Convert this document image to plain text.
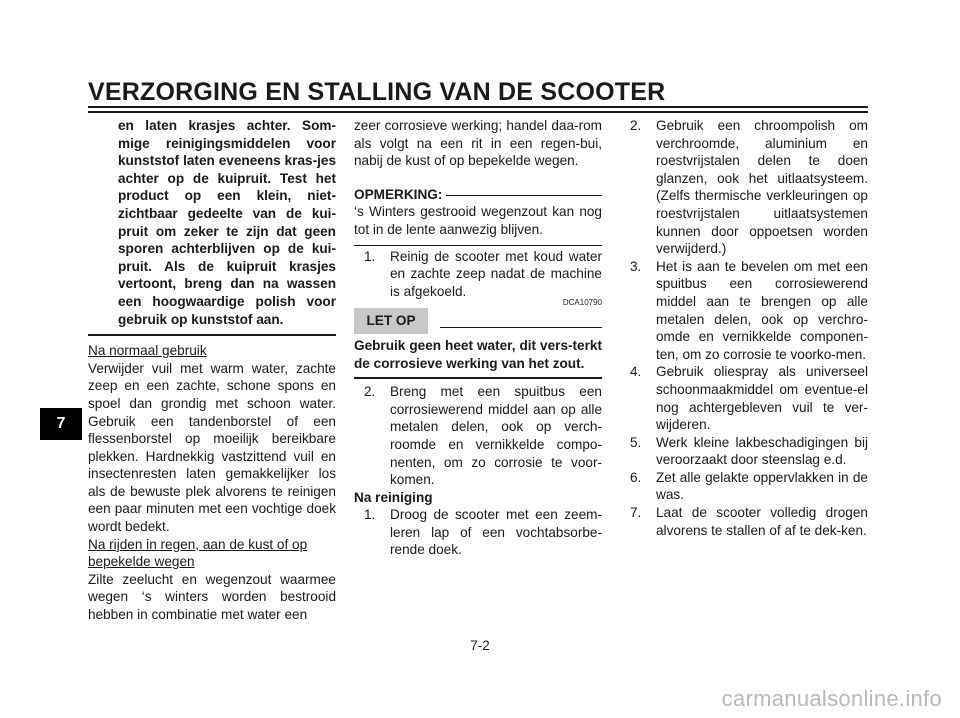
VERZORGING EN STALLING VAN DE SCOOTER
7

en laten krasjes achter. Som-mige reinigingsmiddelen voor kunststof laten eveneens kras-jes achter op de kuipruit. Test het product op een klein, niet-zichtbaar gedeelte van de kui-pruit om zeker te zijn dat geen sporen achterblijven op de kui-pruit. Als de kuipruit krasjes vertoont, breng dan na wassen een hoogwaardige polish voor gebruik op kunststof aan.

Na normaal gebruik

Verwijder vuil met warm water, zachte zeep en een zachte, schone spons en spoel dan grondig met schoon water. Gebruik een tandenborstel of een flessenborstel op moeilijk bereikbare plekken. Hardnekkig vastzittend vuil en insectenresten laten gemakkelijker los als de bewuste plek alvorens te reinigen een paar minuten met een vochtige doek wordt bedekt.

Na rijden in regen, aan de kust of op bepekelde wegen

Zilte zeelucht en wegenzout waarmee wegen ‘s winters worden bestrooid hebben in combinatie met water een

zeer corrosieve werking; handel daa-rom als volgt na een rit in een regen-bui, nabij de kust of op bepekelde wegen.

OPMERKING:

‘s Winters gestrooid wegenzout kan nog tot in de lente aanwezig blijven.

1. Reinig de scooter met koud water en zachte zeep nadat de machine is afgekoeld.
DCA10790
LET OP

Gebruik geen heet water, dit vers-terkt de corrosieve werking van het zout.

2. Breng met een spuitbus een corrosiewerend middel aan op alle metalen delen, ook op verch-roomde en vernikkelde compo-nenten, om zo corrosie te voor-komen.

Na reiniging

1. Droog de scooter met een zeem-leren lap of een vochtabsorbe-rende doek.
2. Gebruik een chroompolish om verchroomde, aluminium en roestvrijstalen delen te doen glanzen, ook het uitlaatsysteem. (Zelfs thermische verkleuringen op roestvrijstalen uitlaatsystemen kunnen door oppoetsen worden verwijderd.)
3. Het is aan te bevelen om met een spuitbus een corrosiewerend middel aan te brengen op alle metalen delen, ook op verchro-omde en vernikkelde componen-ten, om zo corrosie te voorko-men.
4. Gebruik oliespray als universeel schoonmaakmiddel om eventue-el nog achtergebleven vuil te ver-wijderen.
5. Werk kleine lakbeschadigingen bij veroorzaakt door steenslag e.d.
6. Zet alle gelakte oppervlakken in de was.
7. Laat de scooter volledig drogen alvorens te stallen of af te dek-ken.
7-2
carmanualsonline.info
